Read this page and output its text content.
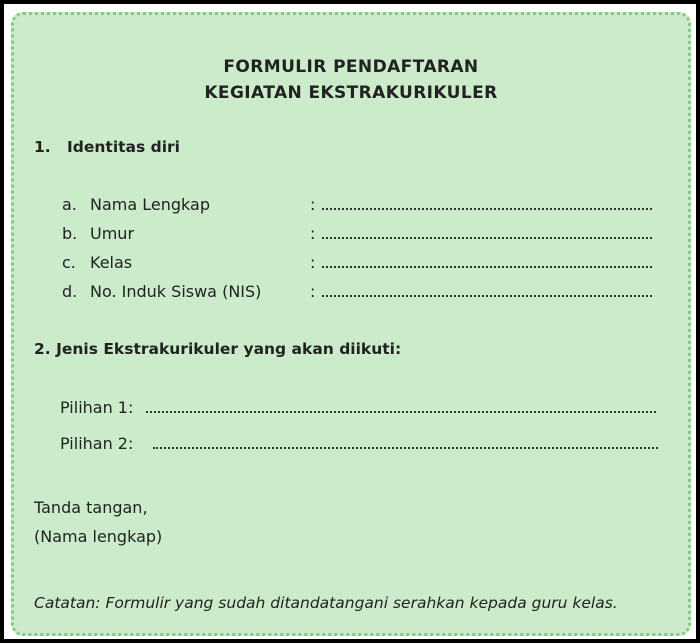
FORMULIR PENDAFTARAN
KEGIATAN EKSTRAKURIKULER
1. Identitas diri
a. Nama Lengkap	:
b. Umur	:
c. Kelas	:
d. No. Induk Siswa (NIS)	:
2. Jenis Ekstrakurikuler yang akan diikuti:
Pilihan 1:
Pilihan 2:
Tanda tangan,
(Nama lengkap)
Catatan: Formulir yang sudah ditandatangani serahkan kepada guru kelas.
